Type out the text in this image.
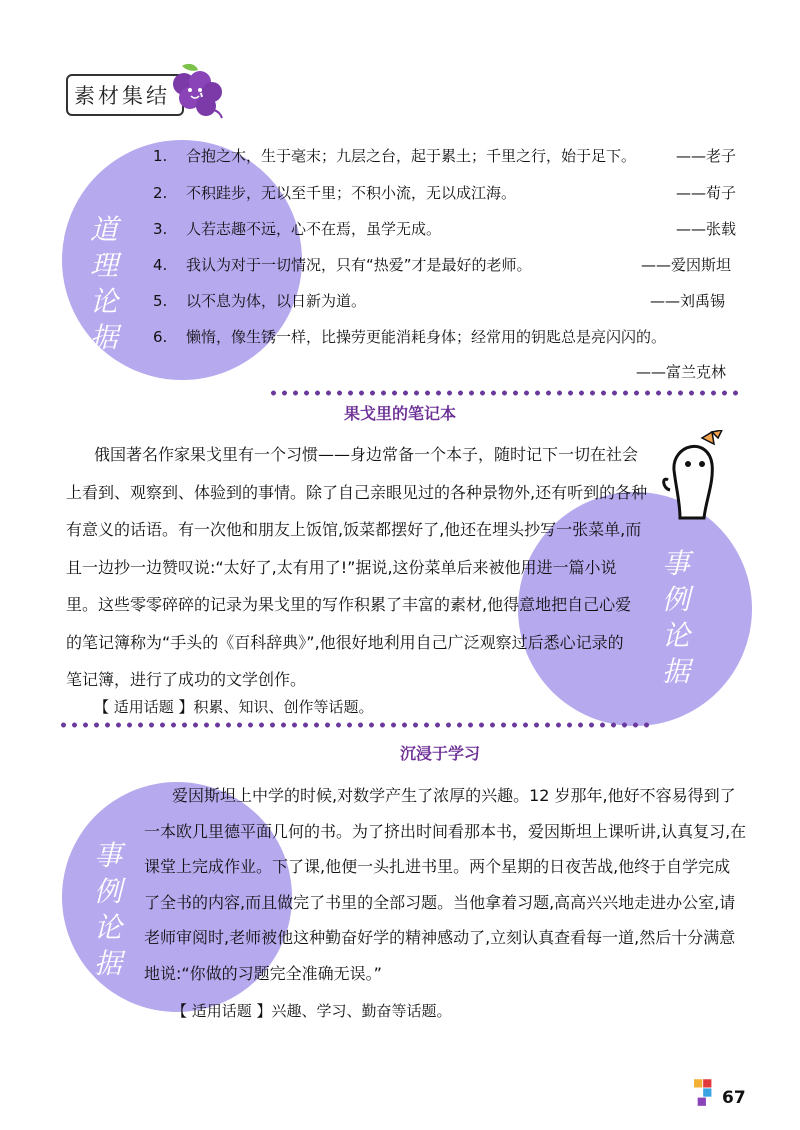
素材集结
道
理
论
据
1. 合抱之木，生于毫末；九层之台，起于累土；千里之行，始于足下。	——老子
2. 不积跬步，无以至千里；不积小流，无以成江海。	——荀子
3. 人若志趣不远，心不在焉，虽学无成。	——张载
4. 我认为对于一切情况，只有“热爱”才是最好的老师。	——爱因斯坦
5. 以不息为体，以日新为道。	——刘禹锡
6. 懒惰，像生锈一样，比操劳更能消耗身体；经常用的钥匙总是亮闪闪的。
——富兰克林
果戈里的笔记本
事
例
论
据
俄国著名作家果戈里有一个习惯——身边常备一个本子，随时记下一切在社会
上看到、观察到、体验到的事情。除了自己亲眼见过的各种景物外,还有听到的各种
有意义的话语。有一次他和朋友上饭馆,饭菜都摆好了,他还在埋头抄写一张菜单,而
且一边抄一边赞叹说:“太好了,太有用了!”据说,这份菜单后来被他用进一篇小说
里。这些零零碎碎的记录为果戈里的写作积累了丰富的素材,他得意地把自己心爱
的笔记簿称为“手头的《百科辞典》”,他很好地利用自己广泛观察过后悉心记录的
笔记簿，进行了成功的文学创作。
【 适用话题 】积累、知识、创作等话题。
沉浸于学习
事
例
论
据
爱因斯坦上中学的时候,对数学产生了浓厚的兴趣。12 岁那年,他好不容易得到了
一本欧几里德平面几何的书。为了挤出时间看那本书，爱因斯坦上课听讲,认真复习,在
课堂上完成作业。下了课,他便一头扎进书里。两个星期的日夜苦战,他终于自学完成
了全书的内容,而且做完了书里的全部习题。当他拿着习题,高高兴兴地走进办公室,请
老师审阅时,老师被他这种勤奋好学的精神感动了,立刻认真查看每一道,然后十分满意
地说:“你做的习题完全准确无误。”
【 适用话题 】兴趣、学习、勤奋等话题。
67
